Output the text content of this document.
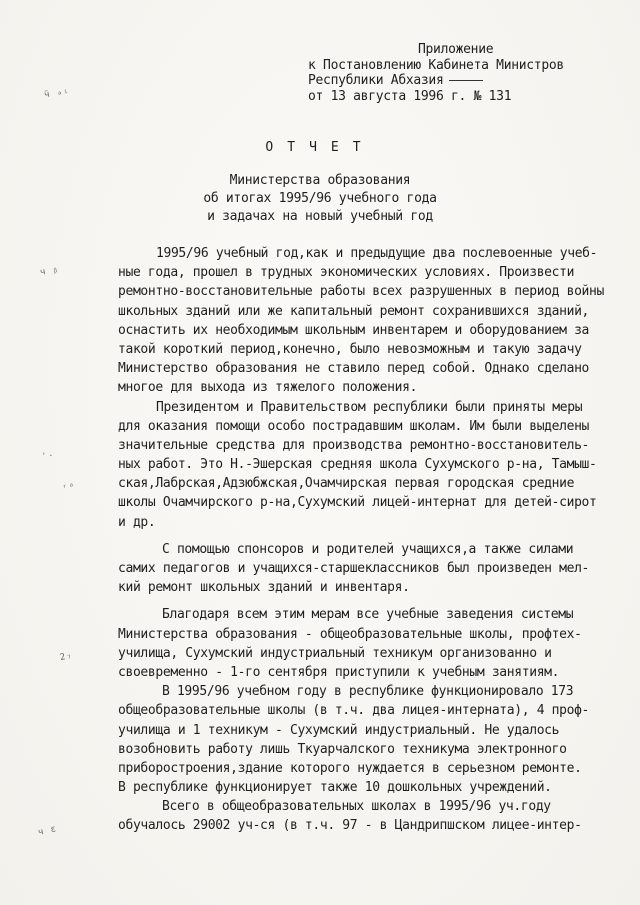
Приложение
к Постановлению Кабинета Министров
Республики Абхазия
от 13 августа 1996 г. № 131
ОТЧЕТ
Министерства образования
об итогах 1995/96 учебного года
и задачах на новый учебный год
1995/96 учебный год,как и предыдущие два послевоенные учеб-
ные года, прошел в трудных экономических условиях. Произвести
ремонтно-восстановительные работы всех разрушенных в период войны
школьных зданий или же капитальный ремонт сохранившихся зданий,
оснастить их необходимым школьным инвентарем и оборудованием за
такой короткий период,конечно, было невозможным и такую задачу
Министерство образования не ставило перед собой. Однако сделано
многое для выхода из тяжелого положения.
Президентом и Правительством республики были приняты меры
для оказания помощи особо пострадавшим школам. Им были выделены
значительные средства для производства ремонтно-восстановитель-
ных работ. Это Н.-Эшерская средняя школа Сухумского р-на, Тамыш-
ская,Лабрская,Адзюбжская,Очамчирская первая городская средние
школы Очамчирского р-на,Сухумский лицей-интернат для детей-сирот
и др.
С помощью спонсоров и родителей учащихся,а также силами
самих педагогов и учащихся-старшеклассников был произведен мел-
кий ремонт школьных зданий и инвентаря.
Благодаря всем этим мерам все учебные заведения системы
Министерства образования - общеобразовательные школы, профтех-
училища, Сухумский индустриальный техникум организованно и
своевременно - 1-го сентября приступили к учебным занятиям.
В 1995/96 учебном году в республике функционировало 173
общеобразовательные школы (в т.ч. два лицея-интерната), 4 проф-
училища и 1 техникум - Сухумский индустриальный. Не удалось
возобновить работу лишь Ткуарчалского техникума электронного
приборостроения,здание которого нуждается в серьезном ремонте.
В республике функционирует также 10 дошкольных учреждений.
Всего в общеобразовательных школах в 1995/96 уч.году
обучалось 29002 уч-ся (в т.ч. 97 - в Цандрипшском лицее-интер-
ӵ ₐᵢ
ч ᵦ
ʹ·
ᵣₐ
2₇
ч ԑ
